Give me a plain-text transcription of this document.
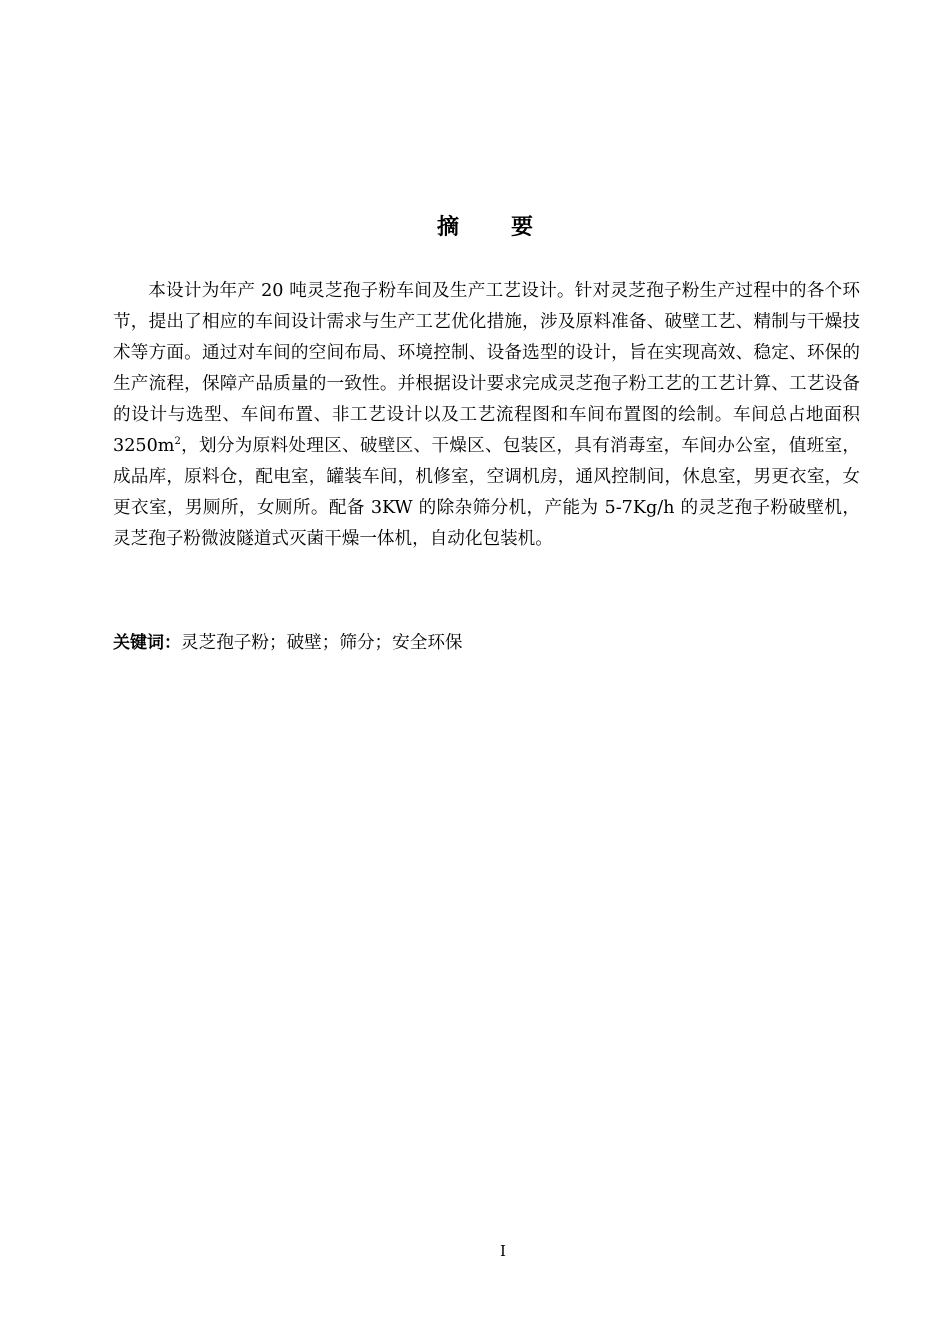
摘 要

本设计为年产 20 吨灵芝孢子粉车间及生产工艺设计。针对灵芝孢子粉生产过程中的各个环节，提出了相应的车间设计需求与生产工艺优化措施，涉及原料准备、破壁工艺、精制与干燥技术等方面。通过对车间的空间布局、环境控制、设备选型的设计，旨在实现高效、稳定、环保的生产流程，保障产品质量的一致性。并根据设计要求完成灵芝孢子粉工艺的工艺计算、工艺设备的设计与选型、车间布置、非工艺设计以及工艺流程图和车间布置图的绘制。车间总占地面积 $3250m^2$，划分为原料处理区、破壁区、干燥区、包装区，具有消毒室，车间办公室，值班室，成品库，原料仓，配电室，罐装车间，机修室，空调机房，通风控制间，休息室，男更衣室，女更衣室，男厕所，女厕所。配备 3KW 的除杂筛分机，产能为 5-7Kg/h 的灵芝孢子粉破壁机，灵芝孢子粉微波隧道式灭菌干燥一体机，自动化包装机。

关键词：灵芝孢子粉；破壁；筛分；安全环保

I
